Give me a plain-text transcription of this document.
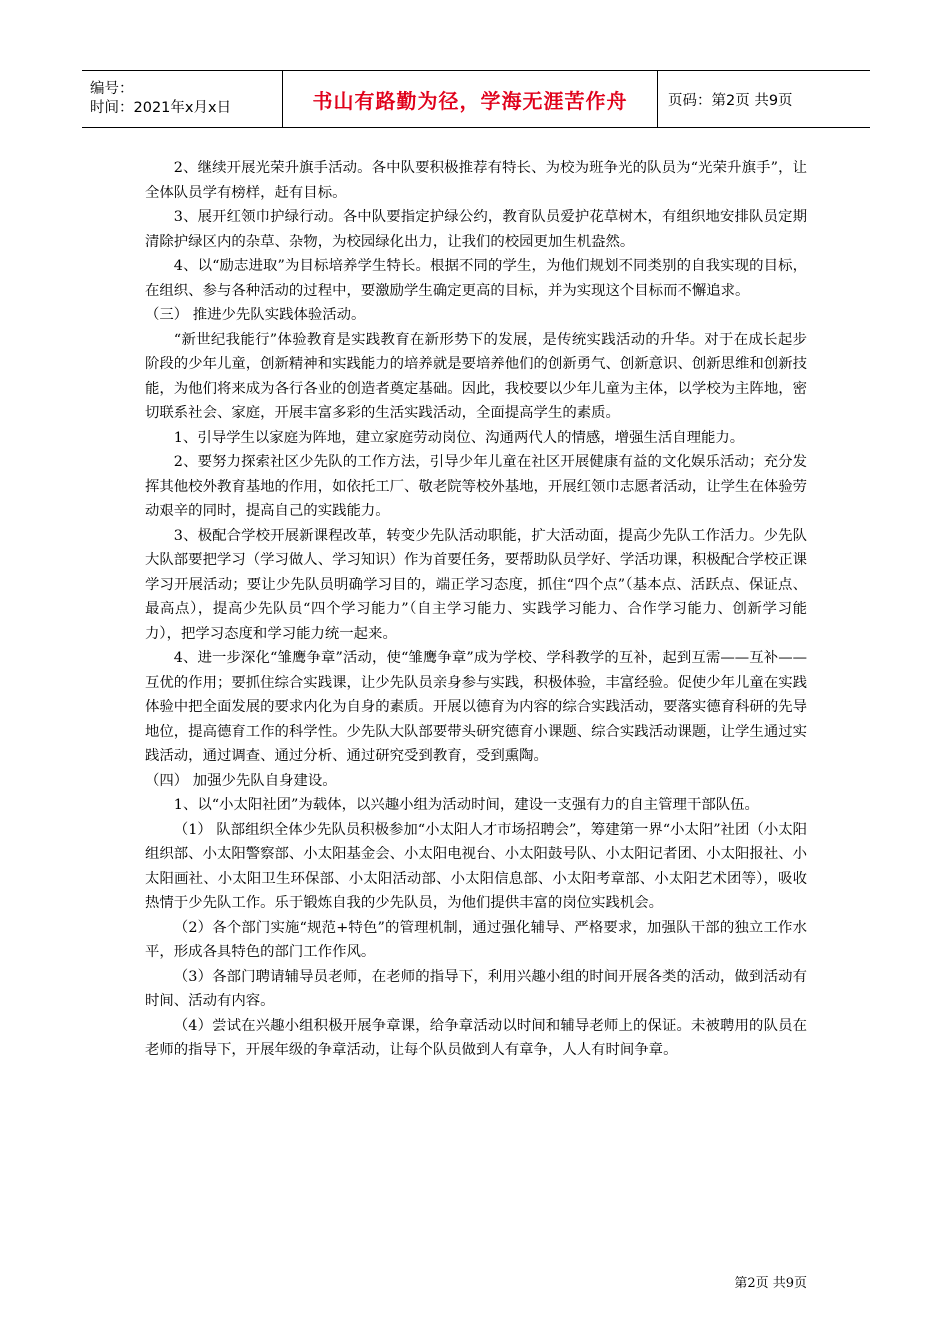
编号：
时间：2021年x月x日	书山有路勤为径，学海无涯苦作舟	页码：第2页 共9页

2、继续开展光荣升旗手活动。各中队要积极推荐有特长、为校为班争光的队员为“光荣升旗手”，让全体队员学有榜样，赶有目标。

3、展开红领巾护绿行动。各中队要指定护绿公约，教育队员爱护花草树木，有组织地安排队员定期清除护绿区内的杂草、杂物，为校园绿化出力，让我们的校园更加生机盎然。

4、以“励志进取”为目标培养学生特长。根据不同的学生，为他们规划不同类别的自我实现的目标，在组织、参与各种活动的过程中，要激励学生确定更高的目标，并为实现这个目标而不懈追求。

（三） 推进少先队实践体验活动。

“新世纪我能行”体验教育是实践教育在新形势下的发展，是传统实践活动的升华。对于在成长起步阶段的少年儿童，创新精神和实践能力的培养就是要培养他们的创新勇气、创新意识、创新思维和创新技能，为他们将来成为各行各业的创造者奠定基础。因此，我校要以少年儿童为主体，以学校为主阵地，密切联系社会、家庭，开展丰富多彩的生活实践活动，全面提高学生的素质。

1、引导学生以家庭为阵地，建立家庭劳动岗位、沟通两代人的情感，增强生活自理能力。

2、要努力探索社区少先队的工作方法，引导少年儿童在社区开展健康有益的文化娱乐活动；充分发挥其他校外教育基地的作用，如依托工厂、敬老院等校外基地，开展红领巾志愿者活动，让学生在体验劳动艰辛的同时，提高自己的实践能力。

3、极配合学校开展新课程改革，转变少先队活动职能，扩大活动面，提高少先队工作活力。少先队大队部要把学习（学习做人、学习知识）作为首要任务，要帮助队员学好、学活功课，积极配合学校正课学习开展活动；要让少先队员明确学习目的，端正学习态度，抓住“四个点”（基本点、活跃点、保证点、最高点），提高少先队员“四个学习能力”（自主学习能力、实践学习能力、合作学习能力、创新学习能力），把学习态度和学习能力统一起来。

4、进一步深化“雏鹰争章”活动，使“雏鹰争章”成为学校、学科教学的互补，起到互需——互补——互优的作用；要抓住综合实践课，让少先队员亲身参与实践，积极体验，丰富经验。促使少年儿童在实践体验中把全面发展的要求内化为自身的素质。开展以德育为内容的综合实践活动，要落实德育科研的先导地位，提高德育工作的科学性。少先队大队部要带头研究德育小课题、综合实践活动课题，让学生通过实践活动，通过调查、通过分析、通过研究受到教育，受到熏陶。

（四） 加强少先队自身建设。

1、以“小太阳社团”为载体，以兴趣小组为活动时间，建设一支强有力的自主管理干部队伍。

（1） 队部组织全体少先队员积极参加“小太阳人才市场招聘会”，筹建第一界“小太阳”社团（小太阳组织部、小太阳警察部、小太阳基金会、小太阳电视台、小太阳鼓号队、小太阳记者团、小太阳报社、小太阳画社、小太阳卫生环保部、小太阳活动部、小太阳信息部、小太阳考章部、小太阳艺术团等），吸收热情于少先队工作。乐于锻炼自我的少先队员，为他们提供丰富的岗位实践机会。

（2）各个部门实施“规范+特色”的管理机制，通过强化辅导、严格要求，加强队干部的独立工作水平，形成各具特色的部门工作作风。

（3）各部门聘请辅导员老师，在老师的指导下，利用兴趣小组的时间开展各类的活动，做到活动有时间、活动有内容。

（4）尝试在兴趣小组积极开展争章课，给争章活动以时间和辅导老师上的保证。未被聘用的队员在老师的指导下，开展年级的争章活动，让每个队员做到人有章争，人人有时间争章。

第2页 共9页
